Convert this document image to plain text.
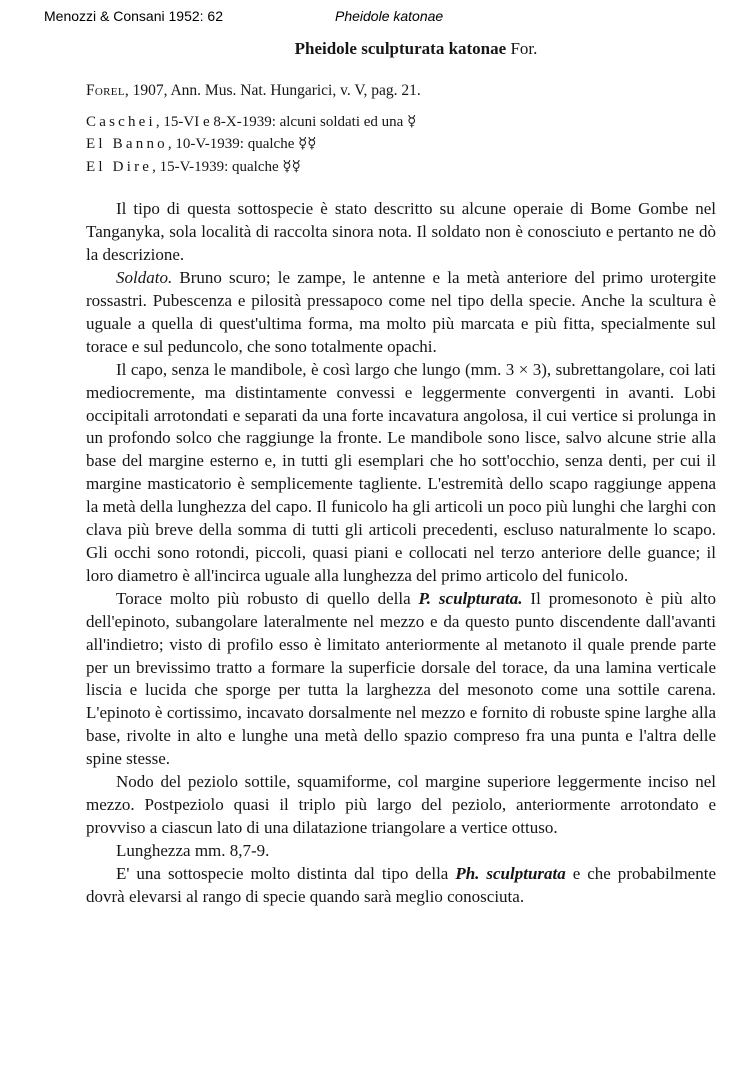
Menozzi & Consani 1952: 62	Pheidole katonae
Pheidole sculpturata katonae For.

Forel, 1907, Ann. Mus. Nat. Hungarici, v. V, pag. 21.

Caschei, 15-VI e 8-X-1939: alcuni soldati ed una ☿

El Banno, 10-V-1939: qualche ☿☿

El Dire, 15-V-1939: qualche ☿☿

Il tipo di questa sottospecie è stato descritto su alcune operaie di Bome Gombe nel Tanganyka, sola località di raccolta sinora nota. Il soldato non è conosciuto e pertanto ne dò la descrizione.

Soldato. Bruno scuro; le zampe, le antenne e la metà anteriore del primo urotergite rossastri. Pubescenza e pilosità pressapoco come nel tipo della specie. Anche la scultura è uguale a quella di quest'ultima forma, ma molto più marcata e più fitta, specialmente sul torace e sul peduncolo, che sono totalmente opachi.

Il capo, senza le mandibole, è così largo che lungo (mm. 3 × 3), subrettangolare, coi lati mediocremente, ma distintamente convessi e leggermente convergenti in avanti. Lobi occipitali arrotondati e separati da una forte incavatura angolosa, il cui vertice si prolunga in un profondo solco che raggiunge la fronte. Le mandibole sono lisce, salvo alcune strie alla base del margine esterno e, in tutti gli esemplari che ho sott'occhio, senza denti, per cui il margine masticatorio è semplicemente tagliente. L'estremità dello scapo raggiunge appena la metà della lunghezza del capo. Il funicolo ha gli articoli un poco più lunghi che larghi con clava più breve della somma di tutti gli articoli precedenti, escluso naturalmente lo scapo. Gli occhi sono rotondi, piccoli, quasi piani e collocati nel terzo anteriore delle guance; il loro diametro è all'incirca uguale alla lunghezza del primo articolo del funicolo.

Torace molto più robusto di quello della P. sculpturata. Il promesonoto è più alto dell'epinoto, subangolare lateralmente nel mezzo e da questo punto discendente dall'avanti all'indietro; visto di profilo esso è limitato anteriormente al metanoto il quale prende parte per un brevissimo tratto a formare la superficie dorsale del torace, da una lamina verticale liscia e lucida che sporge per tutta la larghezza del mesonoto come una sottile carena. L'epinoto è cortissimo, incavato dorsalmente nel mezzo e fornito di robuste spine larghe alla base, rivolte in alto e lunghe una metà dello spazio compreso fra una punta e l'altra delle spine stesse.

Nodo del peziolo sottile, squamiforme, col margine superiore leggermente inciso nel mezzo. Postpeziolo quasi il triplo più largo del peziolo, anteriormente arrotondato e provviso a ciascun lato di una dilatazione triangolare a vertice ottuso.

Lunghezza mm. 8,7-9.

E' una sottospecie molto distinta dal tipo della Ph. sculpturata e che probabilmente dovrà elevarsi al rango di specie quando sarà meglio conosciuta.
